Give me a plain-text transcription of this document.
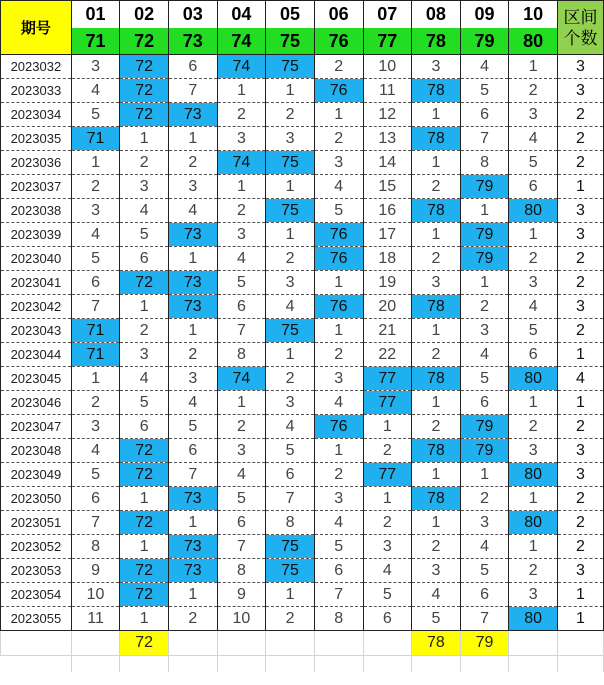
期号	01	02	03	04	05	06	07	08	09	10	区间
个数

	71	72	73	74	75	76	77	78	79	80	
2023032	3	72	6	74	75	2	10	3	4	1	3
2023033	4	72	7	1	1	76	11	78	5	2	3
2023034	5	72	73	2	2	1	12	1	6	3	2
2023035	71	1	1	3	3	2	13	78	7	4	2
2023036	1	2	2	74	75	3	14	1	8	5	2
2023037	2	3	3	1	1	4	15	2	79	6	1
2023038	3	4	4	2	75	5	16	78	1	80	3
2023039	4	5	73	3	1	76	17	1	79	1	3
2023040	5	6	1	4	2	76	18	2	79	2	2
2023041	6	72	73	5	3	1	19	3	1	3	2
2023042	7	1	73	6	4	76	20	78	2	4	3
2023043	71	2	1	7	75	1	21	1	3	5	2
2023044	71	3	2	8	1	2	22	2	4	6	1
2023045	1	4	3	74	2	3	77	78	5	80	4
2023046	2	5	4	1	3	4	77	1	6	1	1
2023047	3	6	5	2	4	76	1	2	79	2	2
2023048	4	72	6	3	5	1	2	78	79	3	3
2023049	5	72	7	4	6	2	77	1	1	80	3
2023050	6	1	73	5	7	3	1	78	2	1	2
2023051	7	72	1	6	8	4	2	1	3	80	2
2023052	8	1	73	7	75	5	3	2	4	1	2
2023053	9	72	73	8	75	6	4	3	5	2	3
2023054	10	72	1	9	1	7	5	4	6	3	1
2023055	11	1	2	10	2	8	6	5	7	80	1
		72						78	79		
